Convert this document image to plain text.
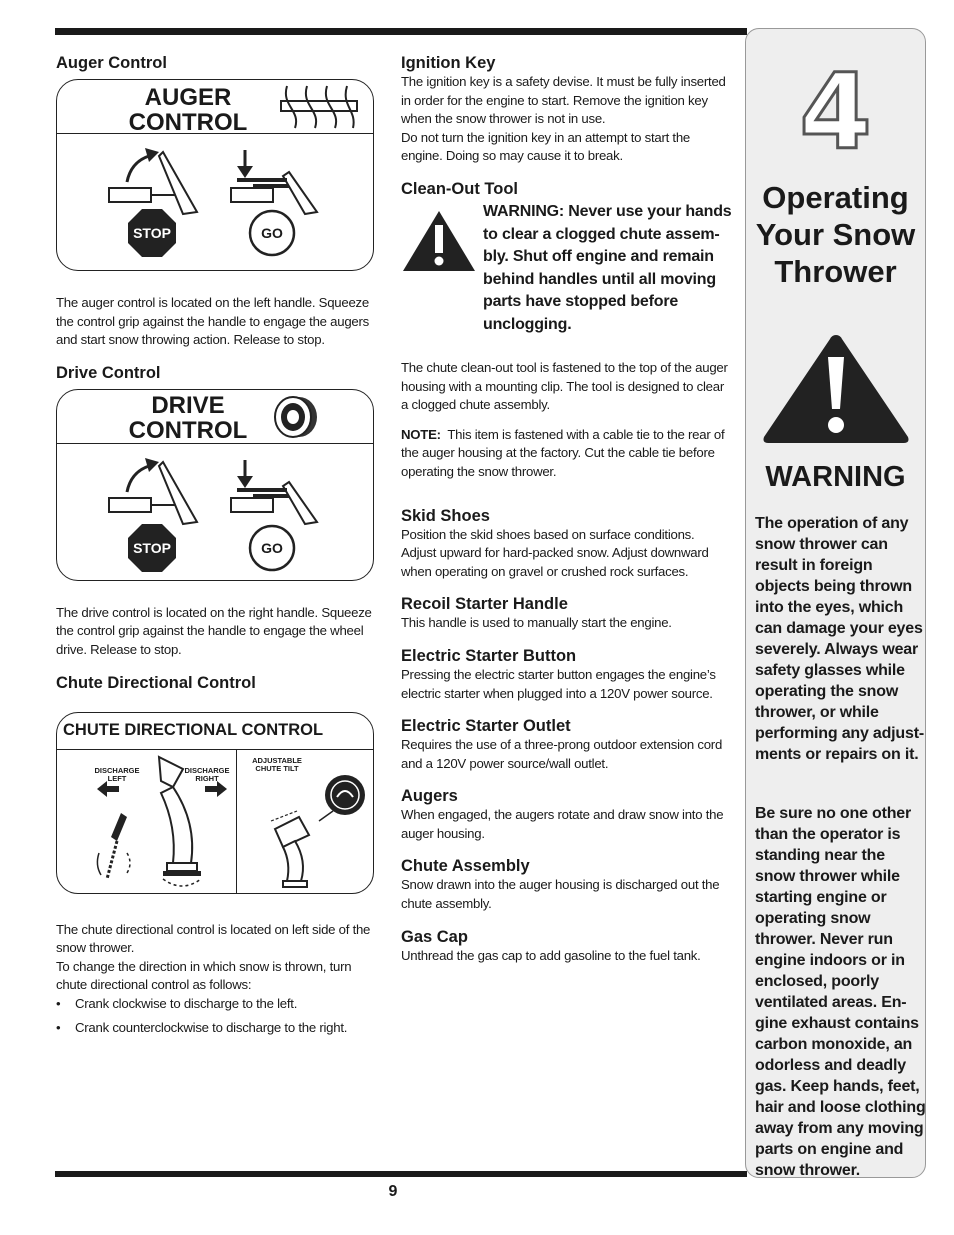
Auger Control
AUGER
CONTROL
STOP	GO

The auger control is located on the left handle. Squeeze the control grip against the handle to engage the augers and start snow throwing action. Release to stop.

Drive Control
DRIVE
CONTROL
STOP	GO

The drive control is located on the right handle. Squeeze the control grip against the handle to engage the wheel drive. Release to stop.

Chute Directional Control
CHUTE DIRECTIONAL CONTROL
DISCHARGE
LEFT
DISCHARGE
RIGHT
ADJUSTABLE
CHUTE TILT

The chute directional control is located on left side of the snow thrower.

To change the direction in which snow is thrown, turn chute directional control as follows:

• Crank clockwise to discharge to the left.
• Crank counterclockwise to discharge to the right.
Ignition Key

The ignition key is a safety devise. It must be fully inserted in order for the engine to start. Remove the ignition key when the snow thrower is not in use.

Do not turn the ignition key in an attempt to start the engine. Doing so may cause it to break.

Clean-Out Tool
WARNING: Never use your hands to clear a clogged chute assem- bly. Shut off engine and remain behind handles until all moving parts have stopped before unclogging.

The chute clean-out tool is fastened to the top of the auger housing with a mounting clip. The tool is designed to clear a clogged chute assembly.

NOTE: This item is fastened with a cable tie to the rear of the auger housing at the factory. Cut the cable tie before operating the snow thrower.

Skid Shoes

Position the skid shoes based on surface conditions. Adjust upward for hard-packed snow. Adjust downward when operating on gravel or crushed rock surfaces.

Recoil Starter Handle

This handle is used to manually start the engine.

Electric Starter Button

Pressing the electric starter button engages the engine’s electric starter when plugged into a 120V power source.

Electric Starter Outlet

Requires the use of a three-prong outdoor extension cord and a 120V power source/wall outlet.

Augers

When engaged, the augers rotate and draw snow into the auger housing.

Chute Assembly

Snow drawn into the auger housing is discharged out the chute assembly.

Gas Cap

Unthread the gas cap to add gasoline to the fuel tank.

4
Operating
Your Snow
Thrower
WARNING
The operation of any snow thrower can result in foreign objects being thrown into the eyes, which can damage your eyes severely. Always wear safety glasses while operating the snow thrower, or while performing any adjust- ments or repairs on it.
Be sure no one other than the operator is standing near the snow thrower while starting engine or operating snow thrower. Never run engine indoors or in enclosed, poorly ventilated areas. En- gine exhaust contains carbon monoxide, an odorless and deadly gas. Keep hands, feet, hair and loose clothing away from any moving parts on engine and snow thrower.
9
